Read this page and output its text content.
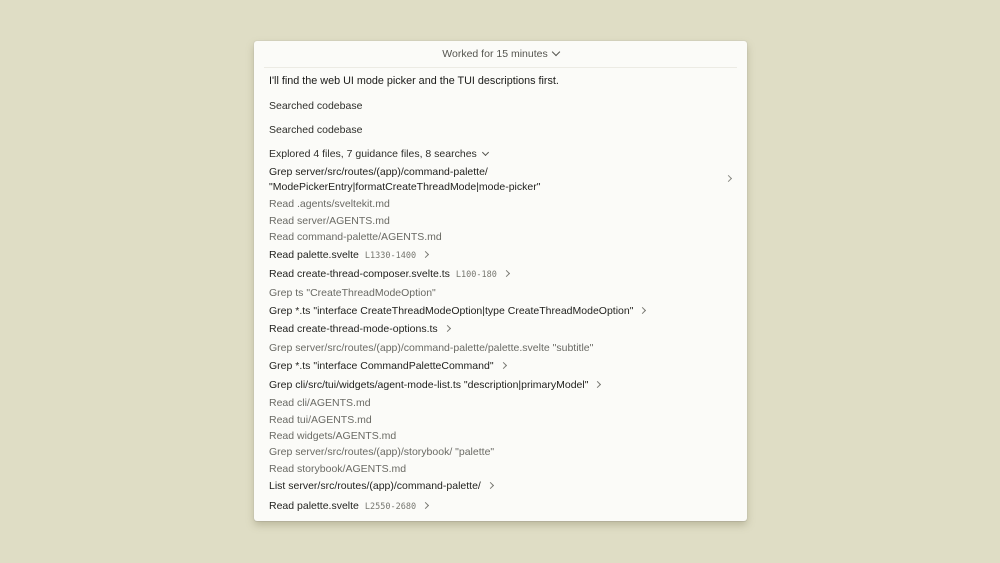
Worked for 15 minutes
I'll find the web UI mode picker and the TUI descriptions first.
Searched codebase
Searched codebase
Explored 4 files, 7 guidance files, 8 searches
Grep server/src/routes/(app)/command-palette/
"ModePickerEntry|formatCreateThreadMode|mode-picker"
Read .agents/sveltekit.md
Read server/AGENTS.md
Read command-palette/AGENTS.md
Read palette.svelte L1330-1400
Read create-thread-composer.svelte.ts L100-180
Grep ts "CreateThreadModeOption"
Grep *.ts "interface CreateThreadModeOption|type CreateThreadModeOption"
Read create-thread-mode-options.ts
Grep server/src/routes/(app)/command-palette/palette.svelte "subtitle"
Grep *.ts "interface CommandPaletteCommand"
Grep cli/src/tui/widgets/agent-mode-list.ts "description|primaryModel"
Read cli/AGENTS.md
Read tui/AGENTS.md
Read widgets/AGENTS.md
Grep server/src/routes/(app)/storybook/ "palette"
Read storybook/AGENTS.md
List server/src/routes/(app)/command-palette/
Read palette.svelte L2550-2680
